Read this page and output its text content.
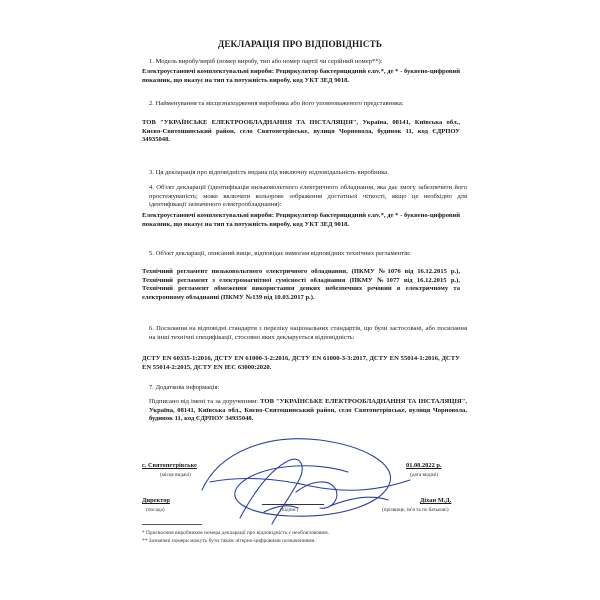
ДЕКЛАРАЦІЯ ПРО ВІДПОВІДНІСТЬ
1. Модель виробу/виріб (номер виробу, тип або номер партії чи серійний номер**):
Електроустановчі комплектувальні вироби: Рециркулятор бактерицидний е.uv.*, де * - буквено-цифровий показник, що вказує на тип та потужність виробу, код УКТ ЗЕД 9018.
2. Найменування та місцезнаходження виробника або його уповноваженого представника:
ТОВ "УКРАЇНСЬКЕ ЕЛЕКТРООБЛАДНАННЯ ТА ІНСТАЛЯЦІЯ", Україна, 08141, Київська обл., Києво-Святошинський район, село Святопетрівське, вулиця Чорновола, будинок 11, код ЄДРПОУ 34935048.
3. Ця декларація про відповідність видана під виключну відповідальність виробника.
4. Об'єкт декларації (ідентифікація низьковольтного електричного обладнання, яка дає змогу забезпечити його простежуваність; може включати кольорове зображення достатньої чіткості, якщо це необхідно для ідентифікації зазначеного електрообладнання):
Електроустановчі комплектувальні вироби: Рециркулятор бактерицидний е.uv.*, де * - буквено-цифровий показник, що вказує на тип та потужність виробу, код УКТ ЗЕД 9018.
5. Об'єкт декларації, описаний вище, відповідає вимогам відповідних технічних регламентів:
Технічний регламент низьковольтного електричного обладнання, (ПКМУ №1076 від 16.12.2015 р.), Технічний регламент з електромагнітної сумісності обладнання (ПКМУ №1077 від 16.12.2015 р.), Технічний регламент обмеження використання деяких небезпечних речовин в електричному та електронному обладнанні (ПКМУ №139 від 10.03.2017 р.).
6. Посилання на відповідні стандарти з переліку національних стандартів, що були застосовані, або посилання на інші технічні специфікації, стосовно яких декларується відповідність:
ДСТУ EN 60335-1:2016, ДСТУ EN 61000-3-2:2016, ДСТУ EN 61000-3-3:2017, ДСТУ EN 55014-1:2016, ДСТУ EN 55014-2:2015, ДСТУ EN IEC 63000:2020.
7. Додаткова інформація:
Підписано від імені та за дорученням: ТОВ "УКРАЇНСЬКЕ ЕЛЕКТРООБЛАДНАННЯ ТА ІНСТАЛЯЦІЯ", Україна, 08141, Київська обл., Києво-Святошинський район, село Святопетрівське, вулиця Чорновола, будинок 11, код ЄДРПОУ 34935048.
с. Святопетрівське
(місце видачі)
01.08.2022 р.
(дата видачі)
Директор
(посада)	(підпис)
Діхан М.Д.
(прізвище, ім'я та по батькові)
* Присвоєння виробником номера декларації про відповідність є необов'язковим.
** Зазначені номери можуть бути також літерно-цифровими позначеннями.
